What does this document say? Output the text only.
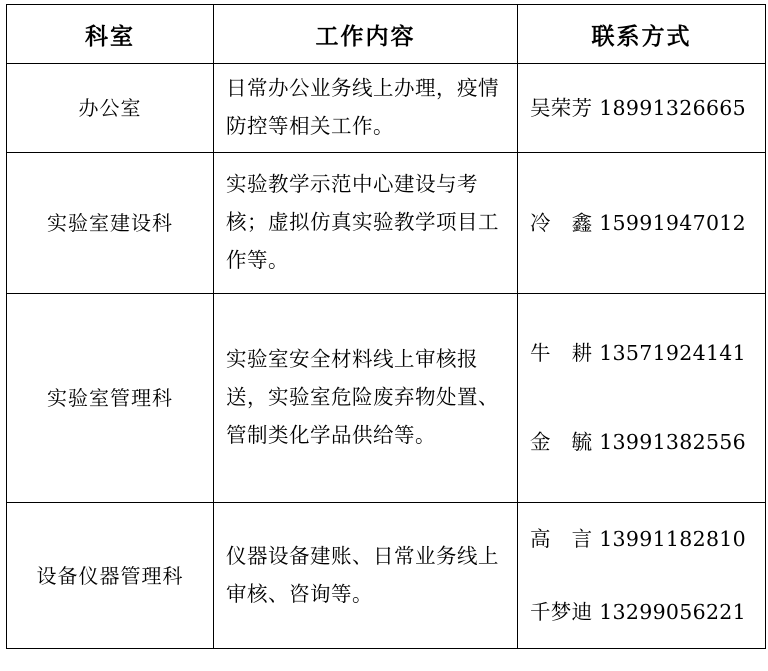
科室	工作内容	联系方式

办公室	日常办公业务线上办理，疫情防控等相关工作。	吴荣芳 18991326665

实验室建设科	实验教学示范中心建设与考核；虚拟仿真实验教学项目工作等。	冷　鑫 15991947012

实验室管理科	实验室安全材料线上审核报送，实验室危险废弃物处置、管制类化学品供给等。	牛　耕 13571924141
金　毓 13991382556

设备仪器管理科	仪器设备建账、日常业务线上审核、咨询等。	高　言 13991182810
千梦迪 13299056221
